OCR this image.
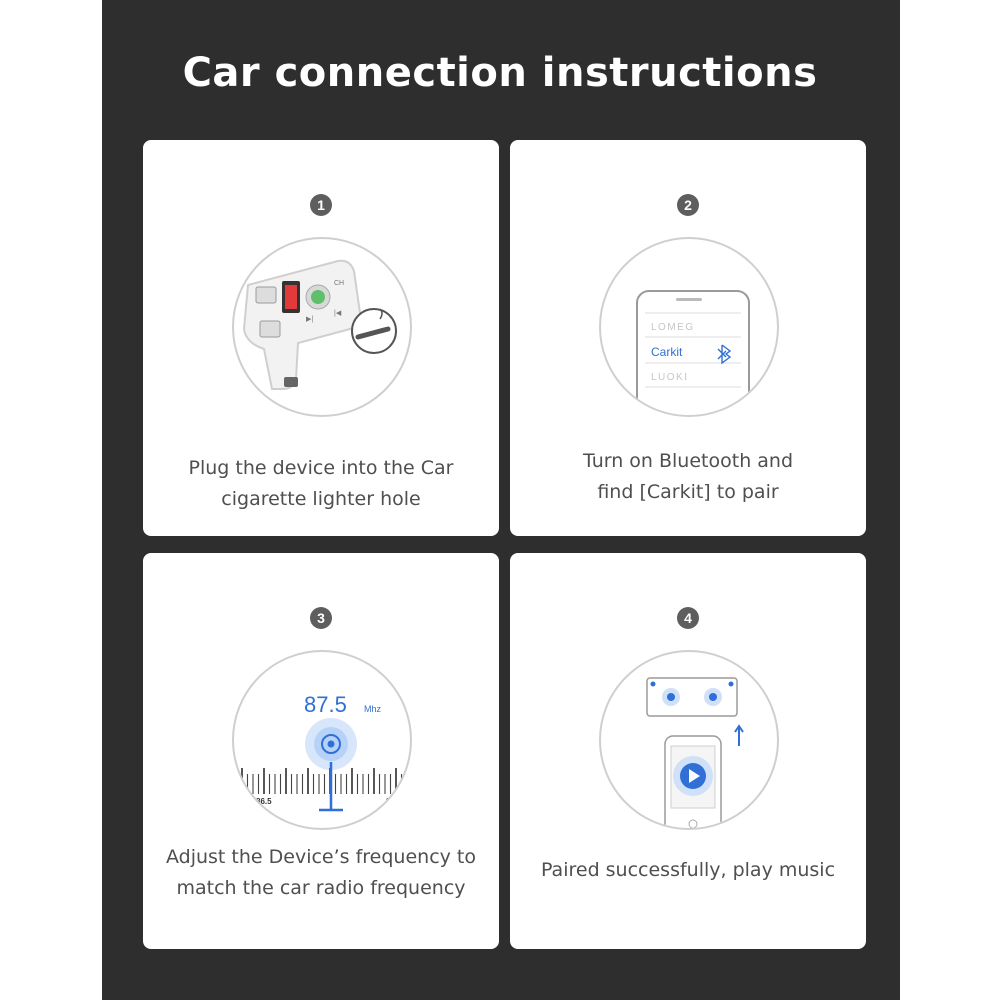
Car connection instructions
1
CH
|◀
▶|
Plug the device into the Car
cigarette lighter hole
2
LOMEG
Carkit
LUOKI
Turn on Bluetooth and
find [Carkit] to pair
3
87.5 Mhz
86.5	88.9
Adjust the Device’s frequency to
match the car radio frequency
4
Paired successfully, play music
